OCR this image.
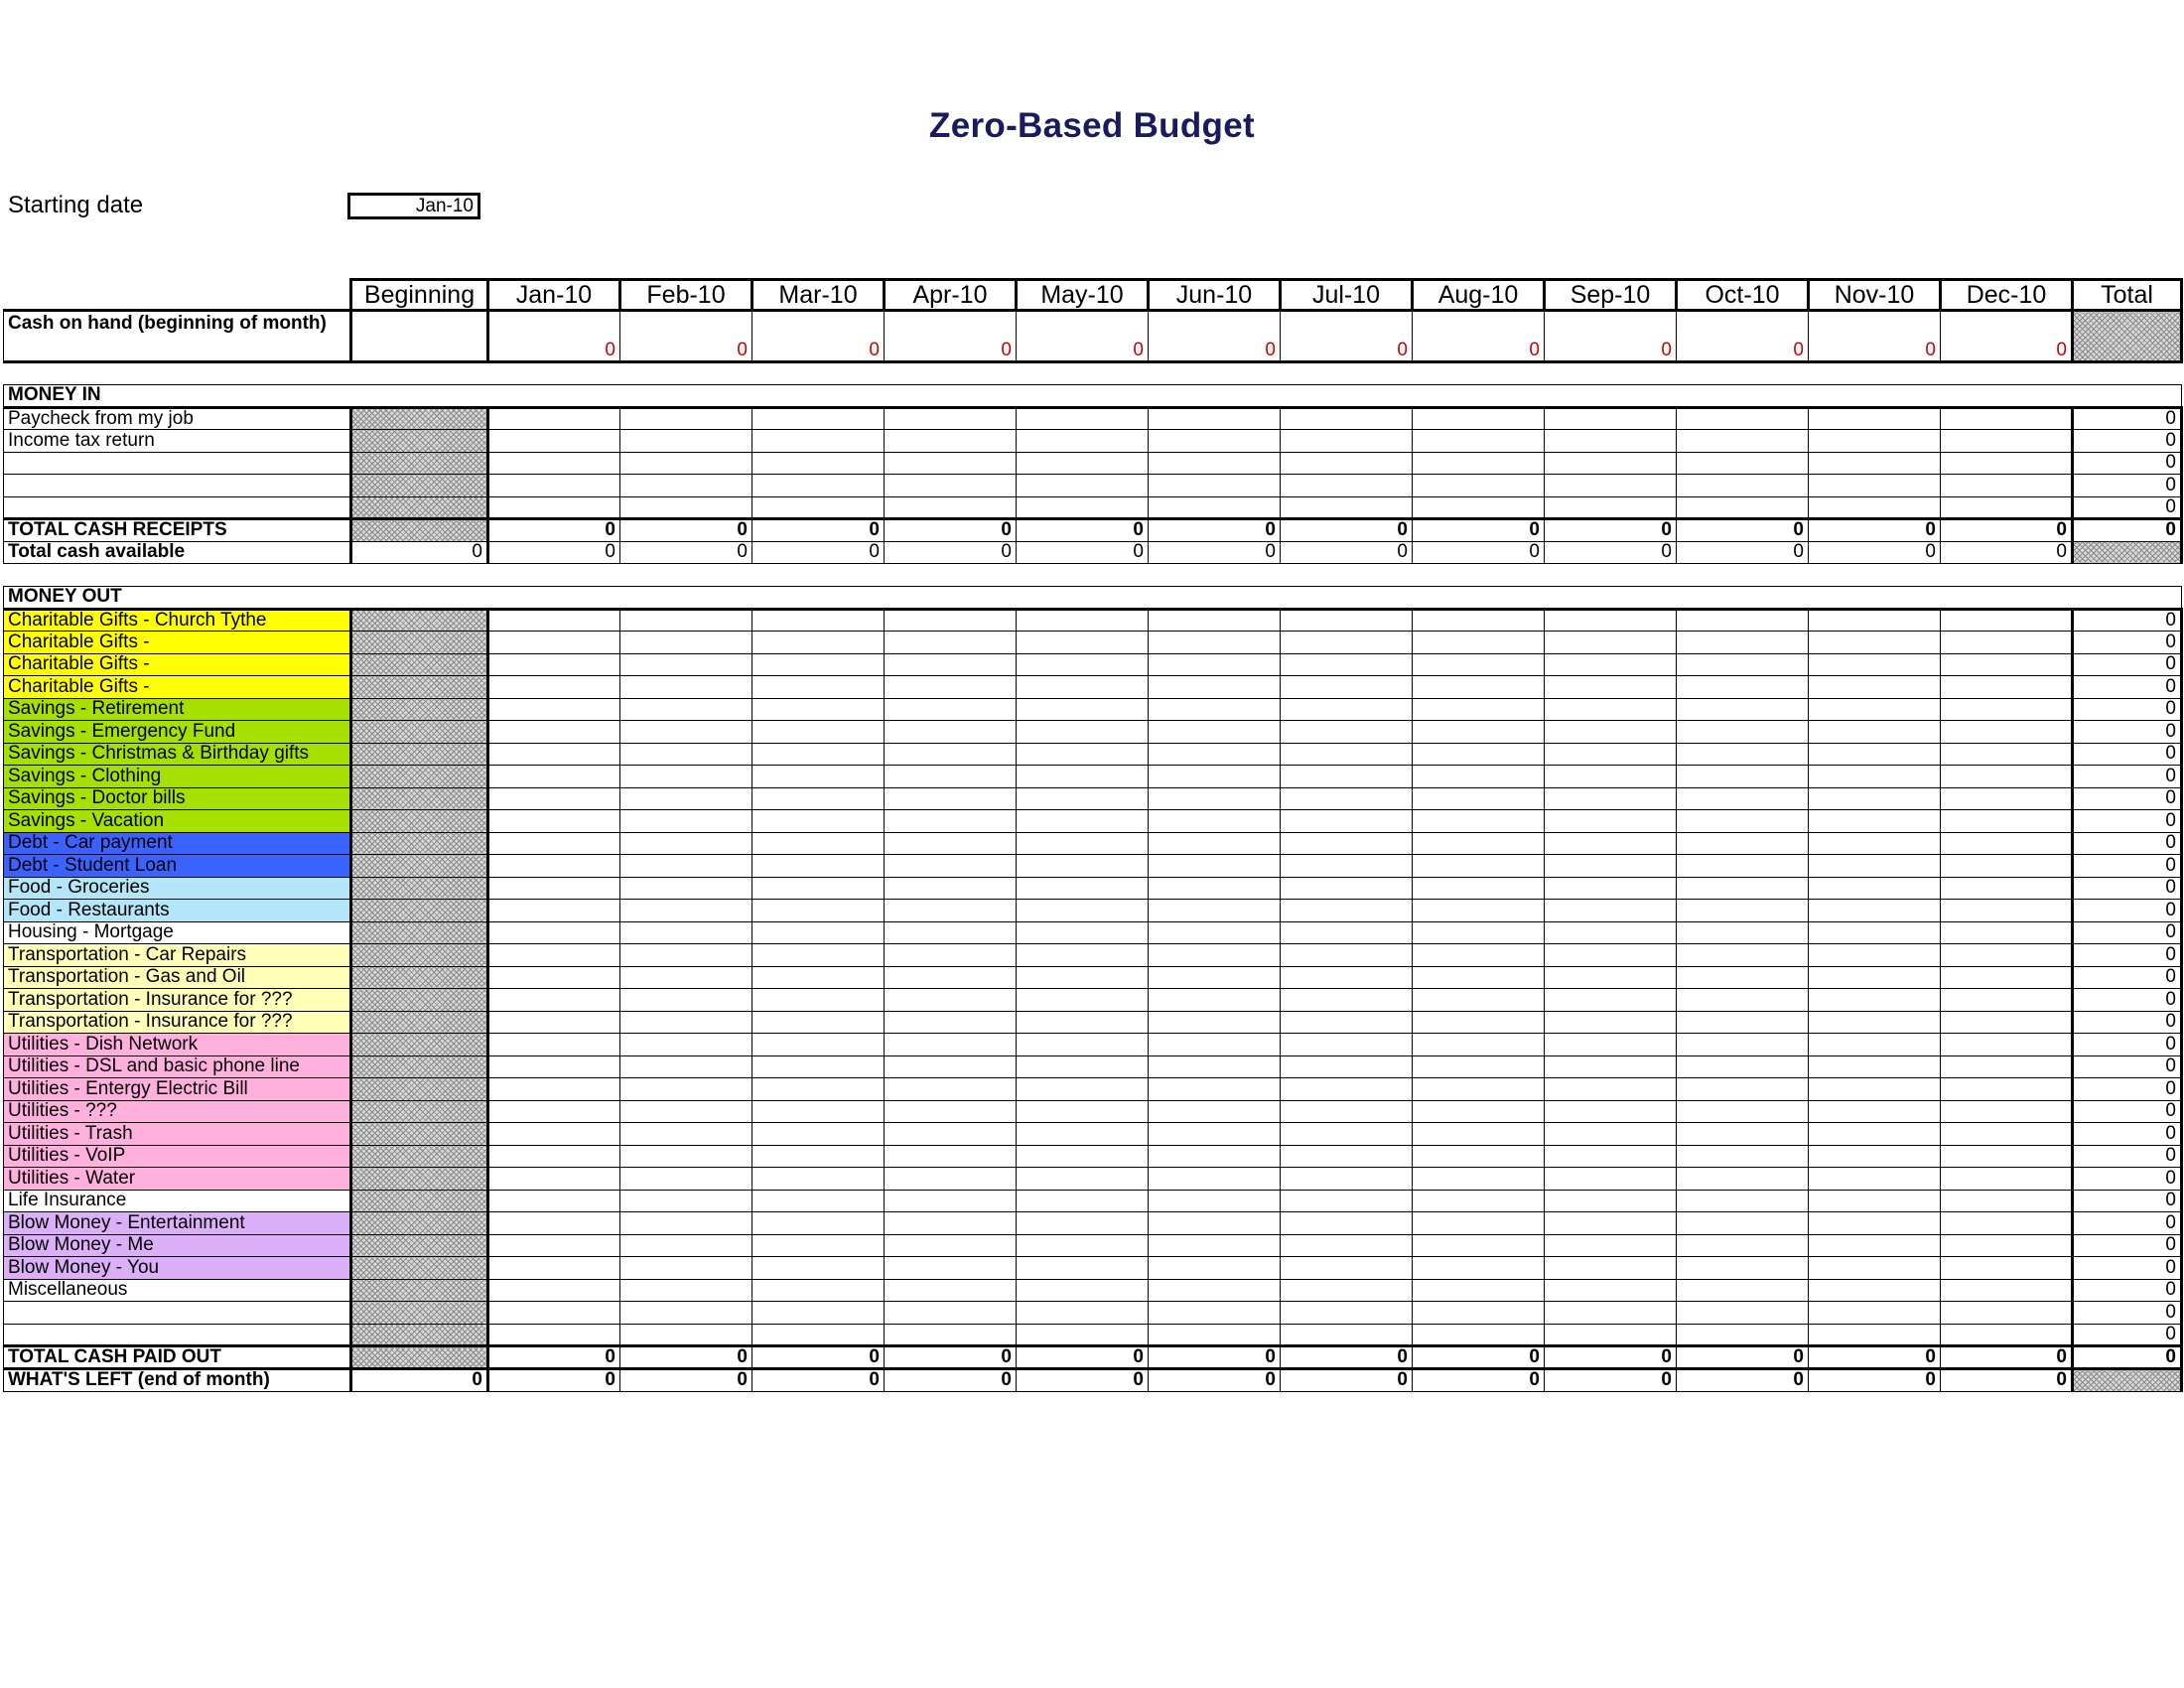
Zero-Based Budget
Starting date	Jan-10
	Beginning	Jan-10	Feb-10	Mar-10	Apr-10	May-10	Jun-10	Jul-10	Aug-10	Sep-10	Oct-10	Nov-10	Dec-10	Total
Cash on hand (beginning of month)		0	0	0	0	0	0	0	0	0	0	0	0	

MONEY IN														
Paycheck from my job														0
Income tax return														0
														0
														0
														0
TOTAL CASH RECEIPTS		0	0	0	0	0	0	0	0	0	0	0	0	0
Total cash available	0	0	0	0	0	0	0	0	0	0	0	0	0	

MONEY OUT														
Charitable Gifts - Church Tythe														0
Charitable Gifts -														0
Charitable Gifts -														0
Charitable Gifts -														0
Savings - Retirement														0
Savings - Emergency Fund														0
Savings - Christmas & Birthday gifts														0
Savings - Clothing														0
Savings - Doctor bills														0
Savings - Vacation														0
Debt - Car payment														0
Debt - Student Loan														0
Food - Groceries														0
Food - Restaurants														0
Housing - Mortgage														0
Transportation - Car Repairs														0
Transportation - Gas and Oil														0
Transportation - Insurance for ???														0
Transportation - Insurance for ???														0
Utilities - Dish Network														0
Utilities - DSL and basic phone line														0
Utilities - Entergy Electric Bill														0
Utilities - ???														0
Utilities - Trash														0
Utilities - VoIP														0
Utilities - Water														0
Life Insurance														0
Blow Money - Entertainment														0
Blow Money - Me														0
Blow Money - You														0
Miscellaneous														0
														0
														0
TOTAL CASH PAID OUT		0	0	0	0	0	0	0	0	0	0	0	0	0
WHAT'S LEFT (end of month)	0	0	0	0	0	0	0	0	0	0	0	0	0	
